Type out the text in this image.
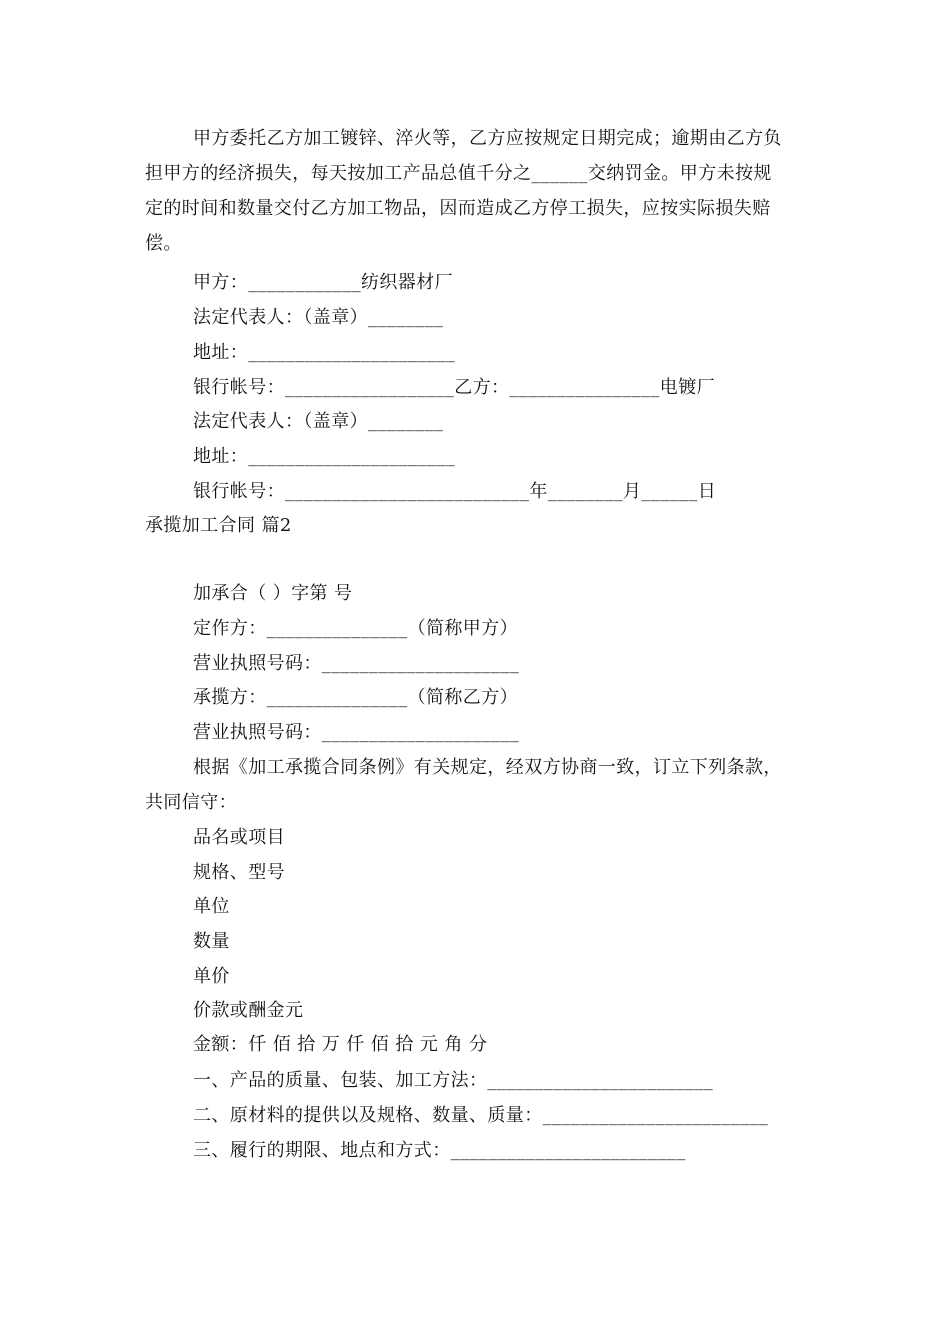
甲方委托乙方加工镀锌、淬火等，乙方应按规定日期完成；逾期由乙方负
担甲方的经济损失，每天按加工产品总值千分之______交纳罚金。甲方未按规
定的时间和数量交付乙方加工物品，因而造成乙方停工损失，应按实际损失赔
偿。
甲方：____________纺织器材厂
法定代表人：（盖章）________
地址：______________________
银行帐号：__________________乙方：________________电镀厂
法定代表人：（盖章）________
地址：______________________
银行帐号：__________________________年________月______日
承揽加工合同 篇2
加承合（ ）字第 号
定作方：_______________（简称甲方）
营业执照号码：_____________________
承揽方：_______________（简称乙方）
营业执照号码：_____________________
根据《加工承揽合同条例》有关规定，经双方协商一致，订立下列条款，
共同信守：
品名或项目
规格、型号
单位
数量
单价
价款或酬金元
金额：仟 佰 拾 万 仟 佰 拾 元 角 分
一、产品的质量、包装、加工方法：________________________
二、原材料的提供以及规格、数量、质量：________________________
三、履行的期限、地点和方式：_________________________
